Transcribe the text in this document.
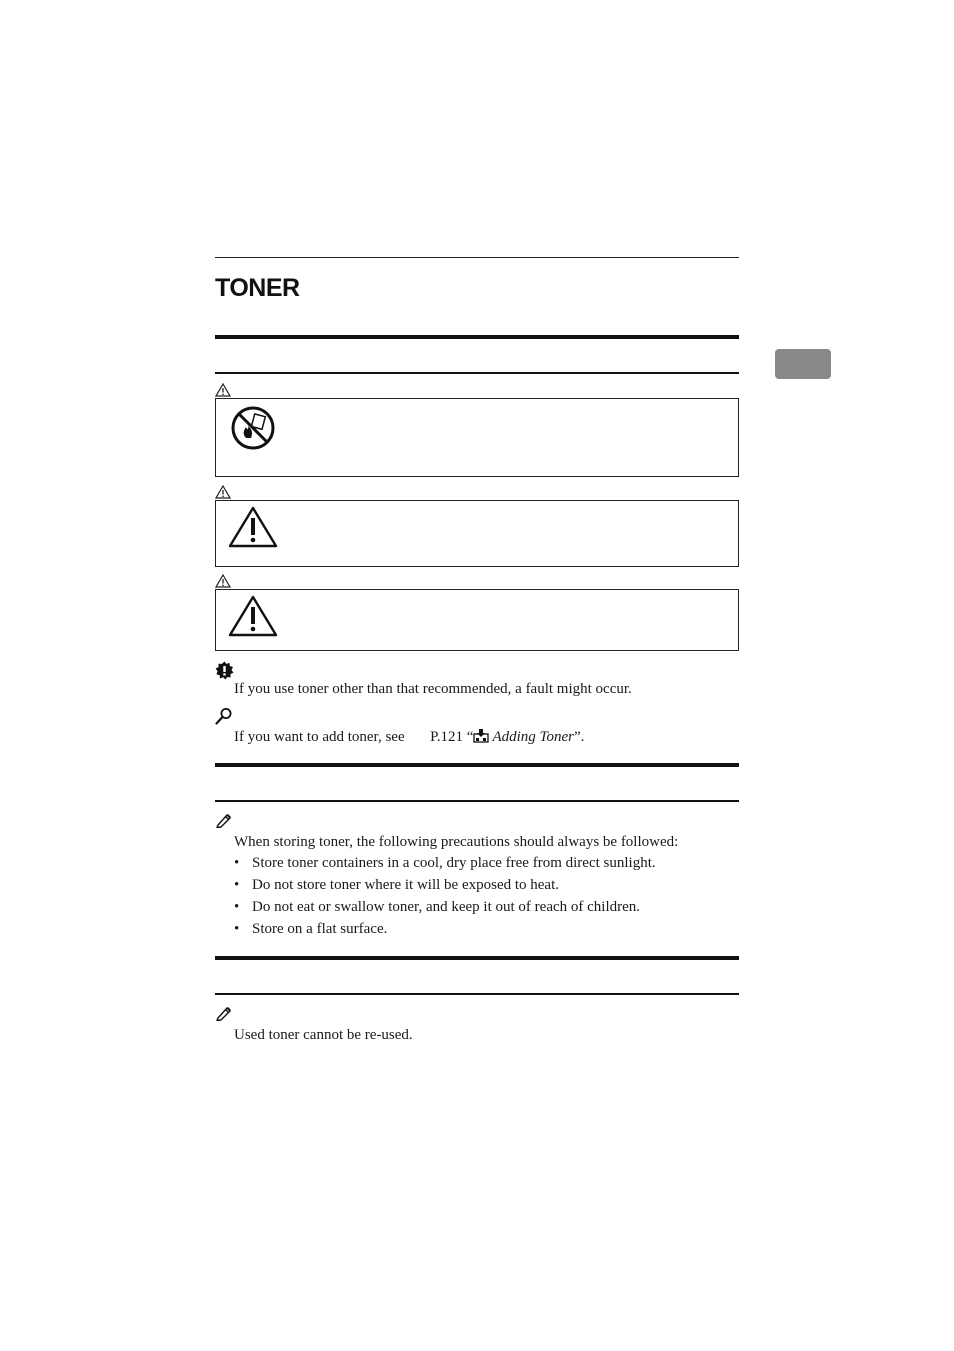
TONER
If you use toner other than that recommended, a fault might occur.
If you want to add toner, see P.121 “ Adding Toner”.
When storing toner, the following precautions should always be followed:
• Store toner containers in a cool, dry place free from direct sunlight.
• Do not store toner where it will be exposed to heat.
• Do not eat or swallow toner, and keep it out of reach of children.
• Store on a flat surface.
Used toner cannot be re-used.
